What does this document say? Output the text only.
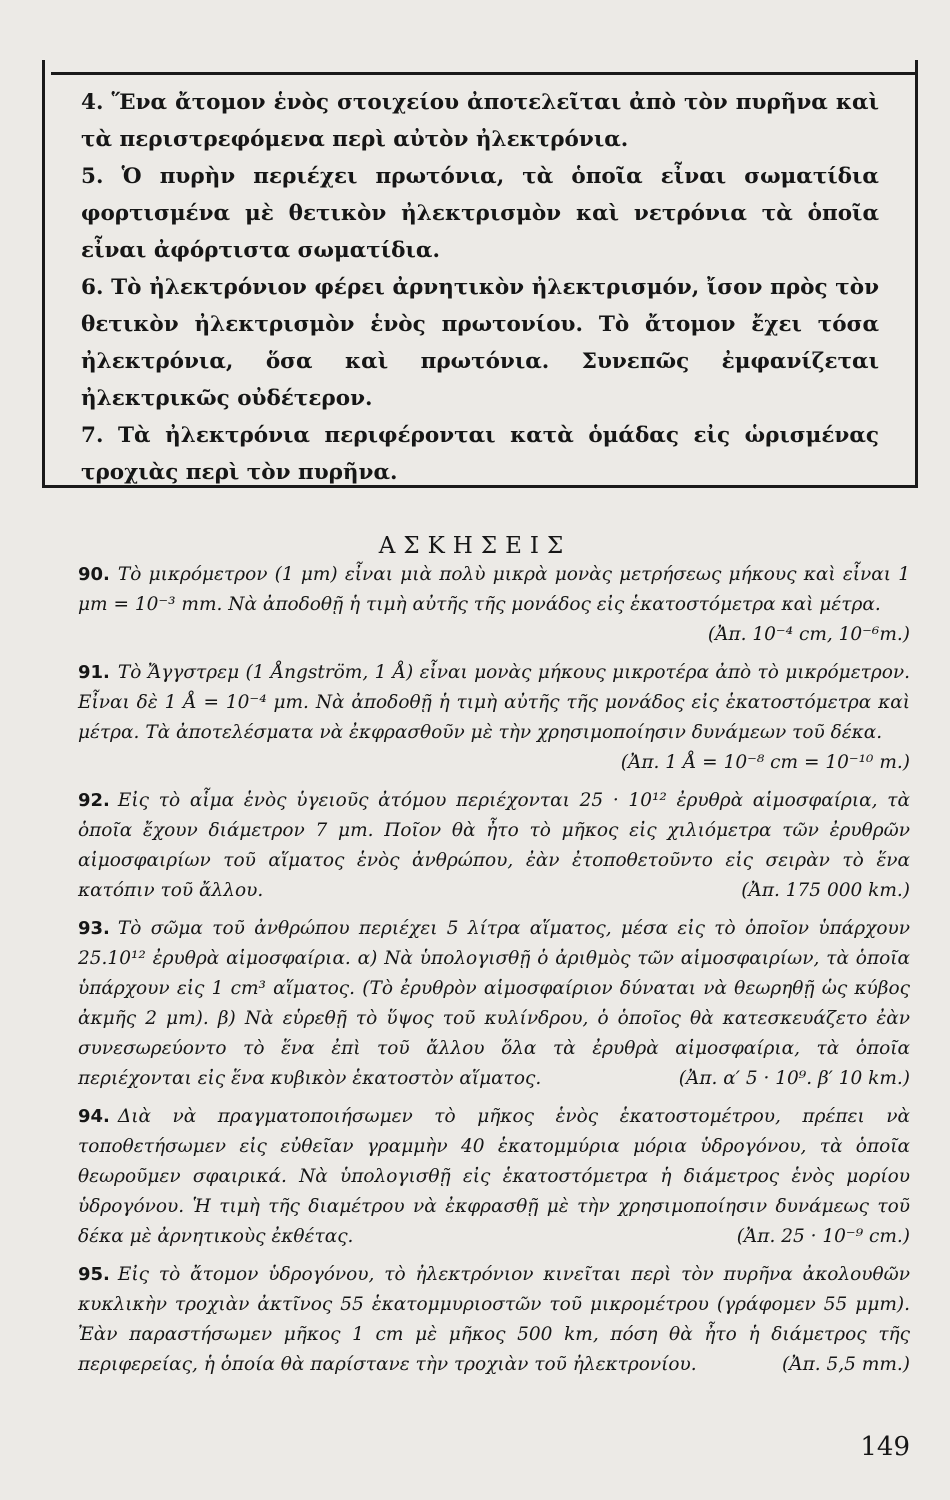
4. Ἕνα ἄτομον ἑνὸς στοιχείου ἀποτελεῖται ἀπὸ τὸν πυρῆνα καὶ τὰ περιστρεφόμενα περὶ αὐτὸν ἠλεκτρόνια.

5. Ὁ πυρὴν περιέχει πρωτόνια, τὰ ὁποῖα εἶναι σωματίδια φορτισμένα μὲ θετικὸν ἠλεκτρισμὸν καὶ νετρόνια τὰ ὁποῖα εἶναι ἀφόρτιστα σωματίδια.

6. Τὸ ἠλεκτρόνιον φέρει ἀρνητικὸν ἠλεκτρισμόν, ἴσον πρὸς τὸν θετικὸν ἠλεκτρισμὸν ἑνὸς πρωτονίου. Τὸ ἄτομον ἔχει τόσα ἠλεκτρόνια, ὅσα καὶ πρωτόνια. Συνεπῶς ἐμφανίζεται ἠλεκτρικῶς οὐδέτερον.

7. Τὰ ἠλεκτρόνια περιφέρονται κατὰ ὁμάδας εἰς ὡρισμένας τροχιὰς περὶ τὸν πυρῆνα.

ΑΣΚΗΣΕΙΣ

90. Τὸ μικρόμετρον (1 μm) εἶναι μιὰ πολὺ μικρὰ μονὰς μετρήσεως μήκους καὶ εἶναι 1 μm = 10⁻³ mm. Νὰ ἀποδοθῇ ἡ τιμὴ αὐτῆς τῆς μονάδος εἰς ἑκατοστόμετρα καὶ μέτρα.
(Ἀπ. 10⁻⁴ cm, 10⁻⁶m.)

91. Τὸ Ἄγγστρεμ (1 Ångström, 1 Å) εἶναι μονὰς μήκους μικροτέρα ἀπὸ τὸ μικρόμετρον. Εἶναι δὲ 1 Å = 10⁻⁴ μm. Νὰ ἀποδοθῇ ἡ τιμὴ αὐτῆς τῆς μονάδος εἰς ἑκατοστόμετρα καὶ μέτρα. Τὰ ἀποτελέσματα νὰ ἐκφρασθοῦν μὲ τὴν χρησιμοποίησιν δυνάμεων τοῦ δέκα.
(Ἀπ. 1 Å = 10⁻⁸ cm = 10⁻¹⁰ m.)

92. Εἰς τὸ αἷμα ἑνὸς ὑγειοῦς ἀτόμου περιέχονται 25 · 10¹² ἐρυθρὰ αἱμοσφαίρια, τὰ ὁποῖα ἔχουν διάμετρον 7 μm. Ποῖον θὰ ἦτο τὸ μῆκος εἰς χιλιόμετρα τῶν ἐρυθρῶν αἱμοσφαιρίων τοῦ αἵματος ἑνὸς ἀνθρώπου, ἐὰν ἐτοποθετοῦντο εἰς σειρὰν τὸ ἕνα κατόπιν τοῦ ἄλλου.	(Ἀπ. 175 000 km.)

93. Τὸ σῶμα τοῦ ἀνθρώπου περιέχει 5 λίτρα αἵματος, μέσα εἰς τὸ ὁποῖον ὑπάρχουν 25.10¹² ἐρυθρὰ αἱμοσφαίρια. α) Νὰ ὑπολογισθῇ ὁ ἀριθμὸς τῶν αἱμοσφαιρίων, τὰ ὁποῖα ὑπάρχουν εἰς 1 cm³ αἵματος. (Τὸ ἐρυθρὸν αἱμοσφαίριον δύναται νὰ θεωρηθῇ ὡς κύβος ἀκμῆς 2 μm). β) Νὰ εὑρεθῇ τὸ ὕψος τοῦ κυλίνδρου, ὁ ὁποῖος θὰ κατεσκευάζετο ἐὰν συνεσωρεύοντο τὸ ἕνα ἐπὶ τοῦ ἄλλου ὅλα τὰ ἐρυθρὰ αἱμοσφαίρια, τὰ ὁποῖα περιέχονται εἰς ἕνα κυβικὸν ἑκατοστὸν αἵματος.	(Ἀπ. α′ 5 · 10⁹. β′ 10 km.)

94. Διὰ νὰ πραγματοποιήσωμεν τὸ μῆκος ἑνὸς ἑκατοστομέτρου, πρέπει νὰ τοποθετήσωμεν εἰς εὐθεῖαν γραμμὴν 40 ἑκατομμύρια μόρια ὑδρογόνου, τὰ ὁποῖα θεωροῦμεν σφαιρικά. Νὰ ὑπολογισθῇ εἰς ἑκατοστόμετρα ἡ διάμετρος ἑνὸς μορίου ὑδρογόνου. Ἡ τιμὴ τῆς διαμέτρου νὰ ἐκφρασθῇ μὲ τὴν χρησιμοποίησιν δυνάμεως τοῦ δέκα μὲ ἀρνητικοὺς ἐκθέτας.	(Ἀπ. 25 · 10⁻⁹ cm.)

95. Εἰς τὸ ἄτομον ὑδρογόνου, τὸ ἠλεκτρόνιον κινεῖται περὶ τὸν πυρῆνα ἀκολουθῶν κυκλικὴν τροχιὰν ἀκτῖνος 55 ἑκατομμυριοστῶν τοῦ μικρομέτρου (γράφομεν 55 μμm). Ἐὰν παραστήσωμεν μῆκος 1 cm μὲ μῆκος 500 km, πόση θὰ ἦτο ἡ διάμετρος τῆς περιφερείας, ἡ ὁποία θὰ παρίστανε τὴν τροχιὰν τοῦ ἠλεκτρονίου.	(Ἀπ. 5,5 mm.)

149
